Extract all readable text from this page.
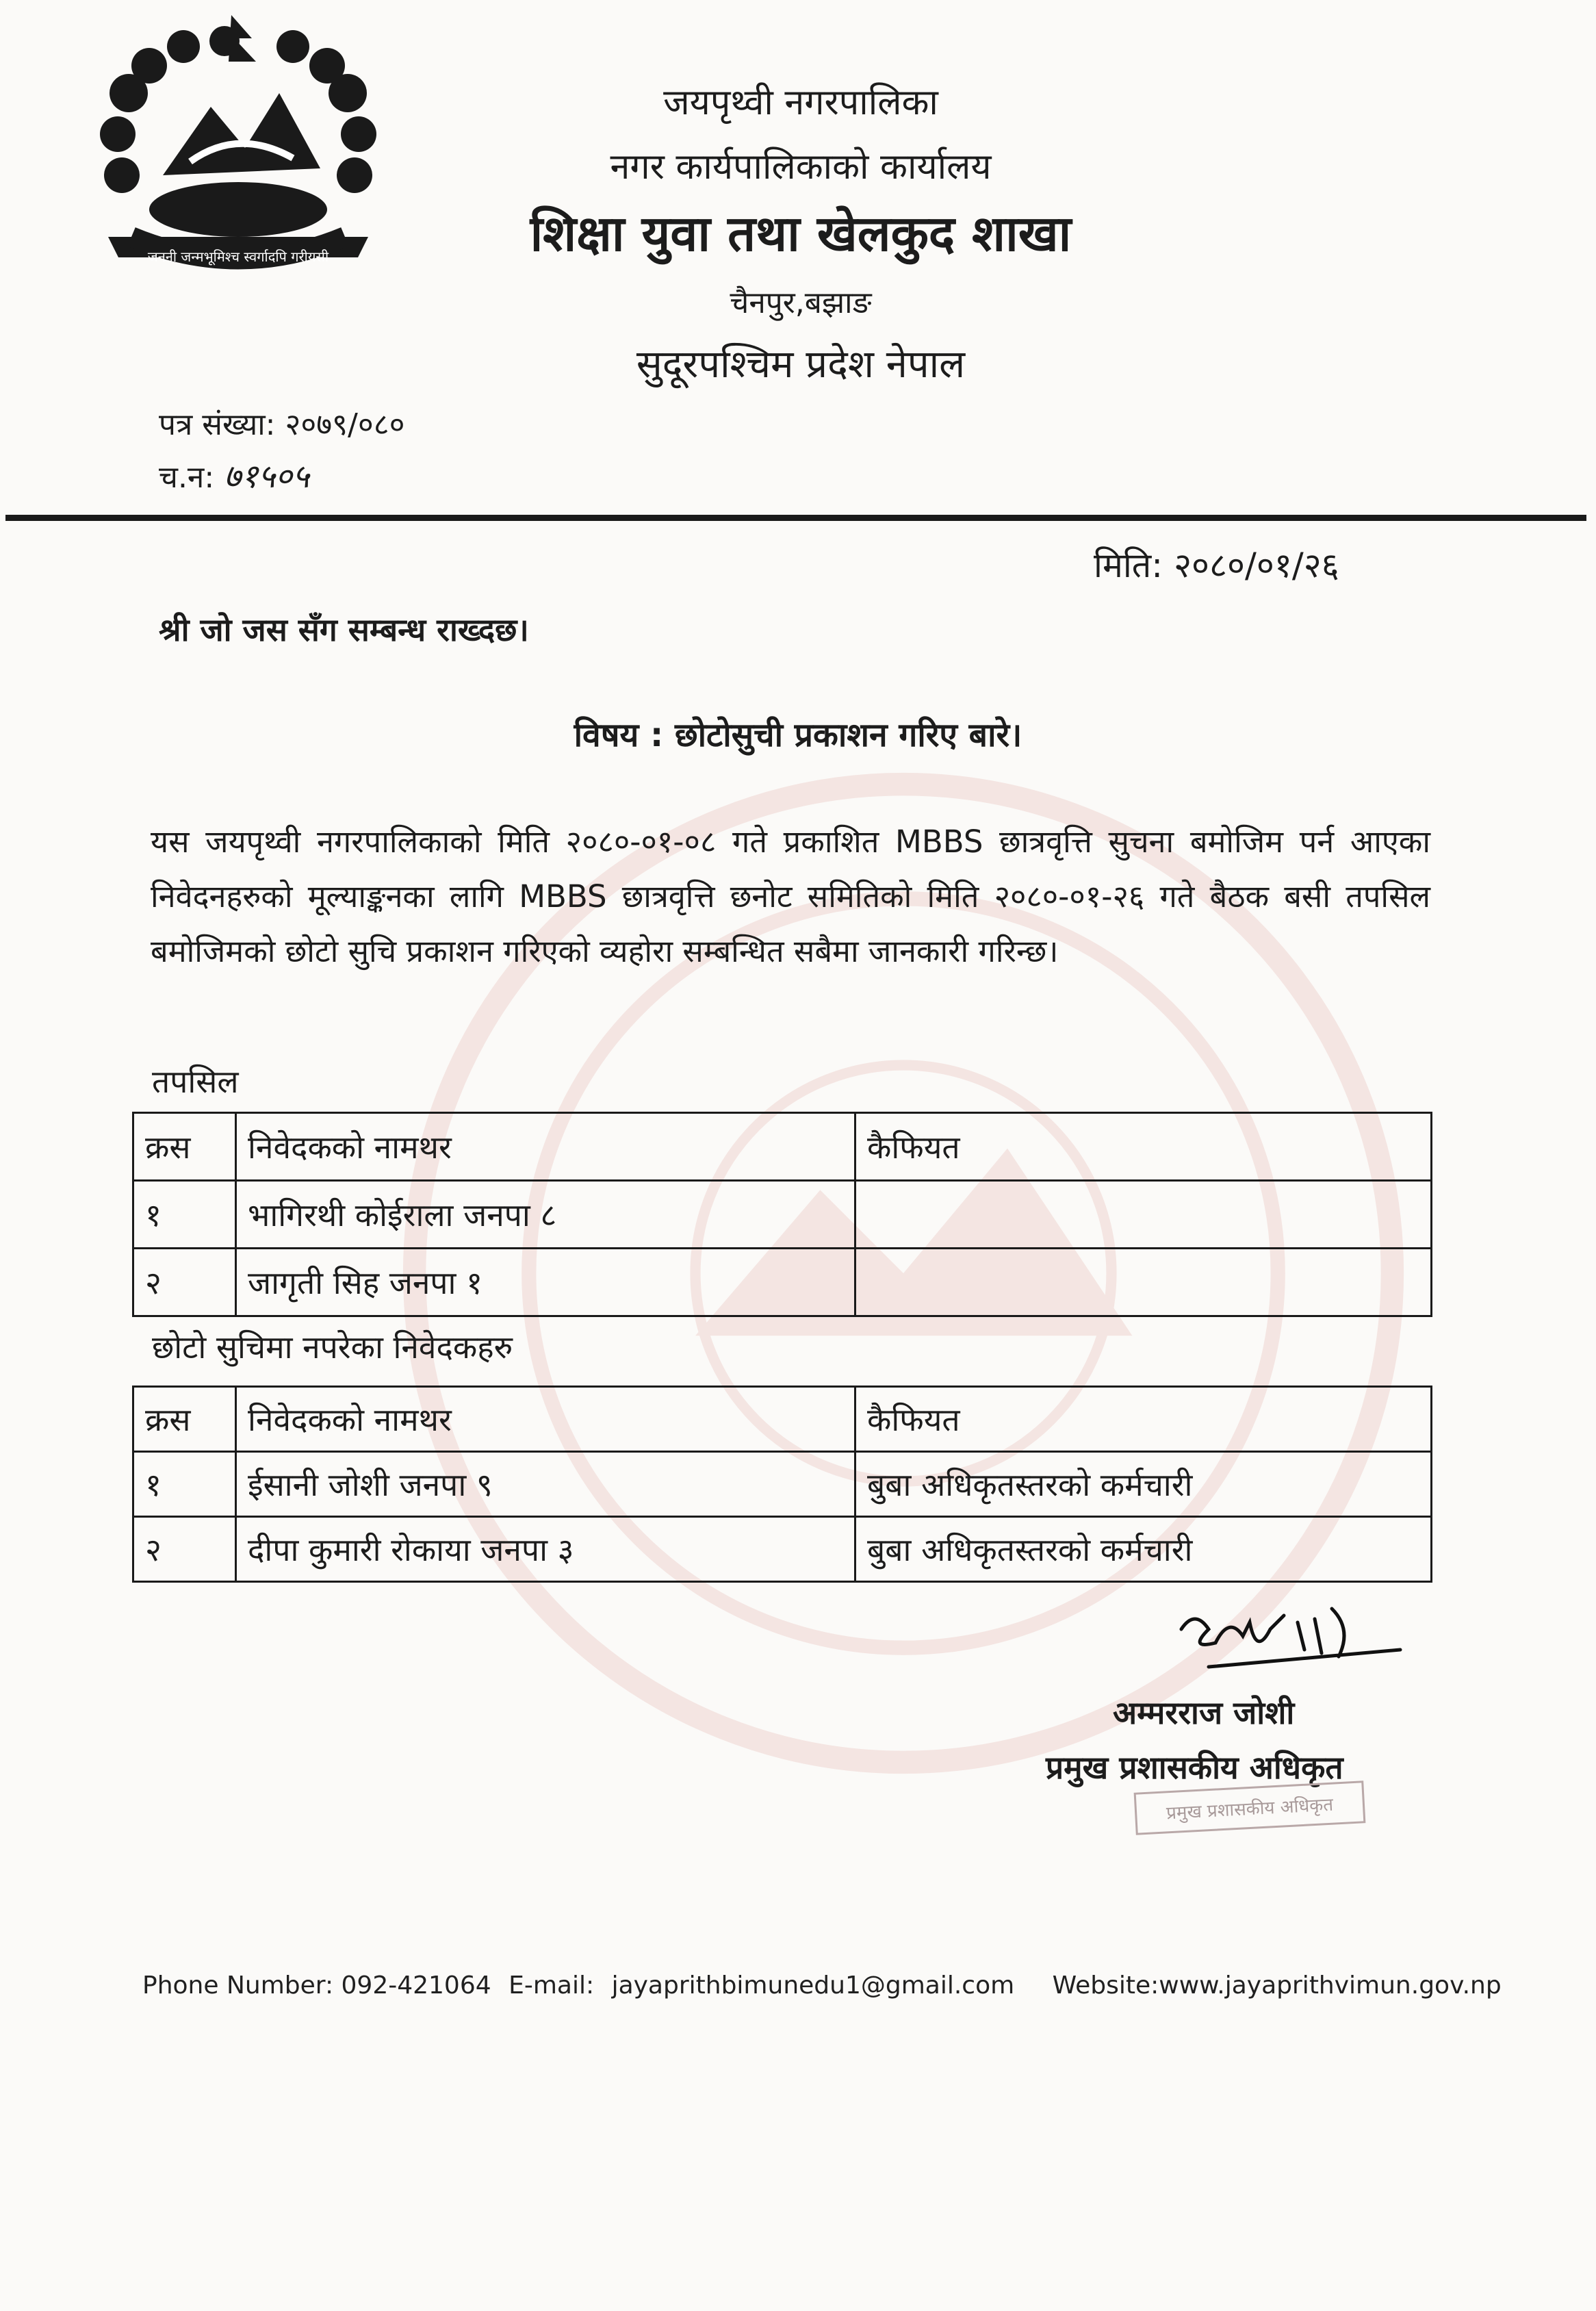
जननी जन्मभूमिश्च स्वर्गादपि गरीयसी
जयपृथ्वी नगरपालिका
नगर कार्यपालिकाको कार्यालय
शिक्षा युवा तथा खेलकुद शाखा
चैनपुर,बझाङ
सुदूरपश्चिम प्रदेश नेपाल
पत्र संख्या: २०७९/०८०
च.न: ७१५०५
मिति: २०८०/०१/२६
श्री जो जस सँग सम्बन्ध राख्दछ।
विषय : छोटोसुची प्रकाशन गरिए बारे।
यस जयपृथ्वी नगरपालिकाको मिति २०८०-०१-०८ गते प्रकाशित MBBS छात्रवृत्ति सुचना बमोजिम पर्न आएका निवेदनहरुको मूल्याङ्कनका लागि MBBS छात्रवृत्ति छनोट समितिको मिति २०८०-०१-२६ गते बैठक बसी तपसिल बमोजिमको छोटो सुचि प्रकाशन गरिएको व्यहोरा सम्बन्धित सबैमा जानकारी गरिन्छ।
तपसिल
क्रस	निवेदकको नामथर	कैफियत
१	भागिरथी कोईराला जनपा ८	
२	जागृती सिह जनपा १	
छोटो सुचिमा नपरेका निवेदकहरु
क्रस	निवेदकको नामथर	कैफियत
१	ईसानी जोशी जनपा ९	बुबा अधिकृतस्तरको कर्मचारी
२	दीपा कुमारी रोकाया जनपा ३	बुबा अधिकृतस्तरको कर्मचारी
अम्मरराज जोशी
प्रमुख प्रशासकीय अधिकृत
प्रमुख प्रशासकीय अधिकृत
Phone Number: 092-421064 E-mail: jayaprithbimunedu1@gmail.com Website:www.jayaprithvimun.gov.np
